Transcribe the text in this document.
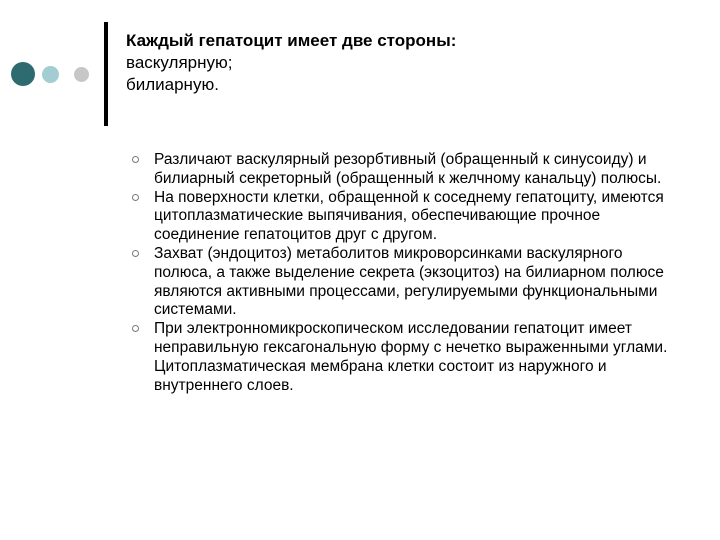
Каждый гепатоцит имеет две стороны:
васкулярную;
билиарную.
Различают васкулярный резорбтивный (обращенный к синусоиду) и билиарный секреторный (обращенный к желчному канальцу) полюсы.
На поверхности клетки, обращенной к соседнему гепатоциту, имеются цитоплазматические выпячивания, обеспечивающие прочное соединение гепатоцитов друг с другом.
Захват (эндоцитоз) метаболитов микроворсинками васкулярного полюса, а также выделение секрета (экзоцитоз) на билиарном полюсе являются активными процессами, регулируемыми функциональными системами.
При электронномикроскопическом исследовании гепатоцит имеет неправильную гексагональную форму с нечетко выраженными углами. Цитоплазматическая мембрана клетки состоит из наружного и внутреннего слоев.
